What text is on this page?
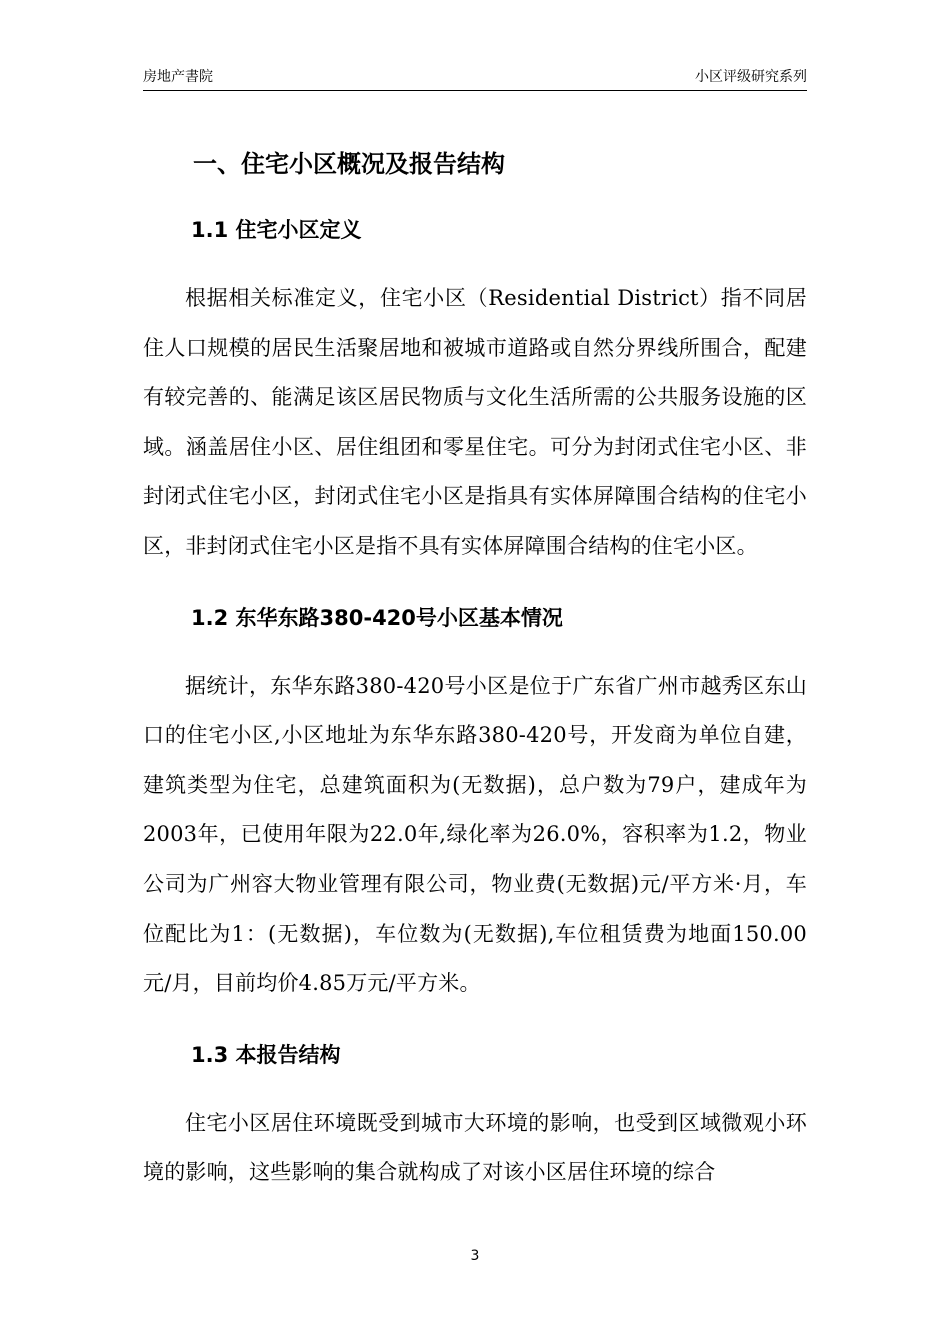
房地产書院	小区评级研究系列
一、住宅小区概况及报告结构
1.1 住宅小区定义

根据相关标准定义，住宅小区（Residential District）指不同居住人口规模的居民生活聚居地和被城市道路或自然分界线所围合，配建有较完善的、能满足该区居民物质与文化生活所需的公共服务设施的区域。涵盖居住小区、居住组团和零星住宅。可分为封闭式住宅小区、非封闭式住宅小区，封闭式住宅小区是指具有实体屏障围合结构的住宅小区，非封闭式住宅小区是指不具有实体屏障围合结构的住宅小区。

1.2 东华东路380-420号小区基本情况

据统计，东华东路380-420号小区是位于广东省广州市越秀区东山口的住宅小区,小区地址为东华东路380-420号，开发商为单位自建，建筑类型为住宅，总建筑面积为(无数据)，总户数为79户，建成年为2003年，已使用年限为22.0年,绿化率为26.0%，容积率为1.2，物业公司为广州容大物业管理有限公司，物业费(无数据)元/平方米·月，车位配比为1：(无数据)，车位数为(无数据),车位租赁费为地面150.00元/月，目前均价4.85万元/平方米。

1.3 本报告结构

住宅小区居住环境既受到城市大环境的影响，也受到区域微观小环境的影响，这些影响的集合就构成了对该小区居住环境的综合

3
